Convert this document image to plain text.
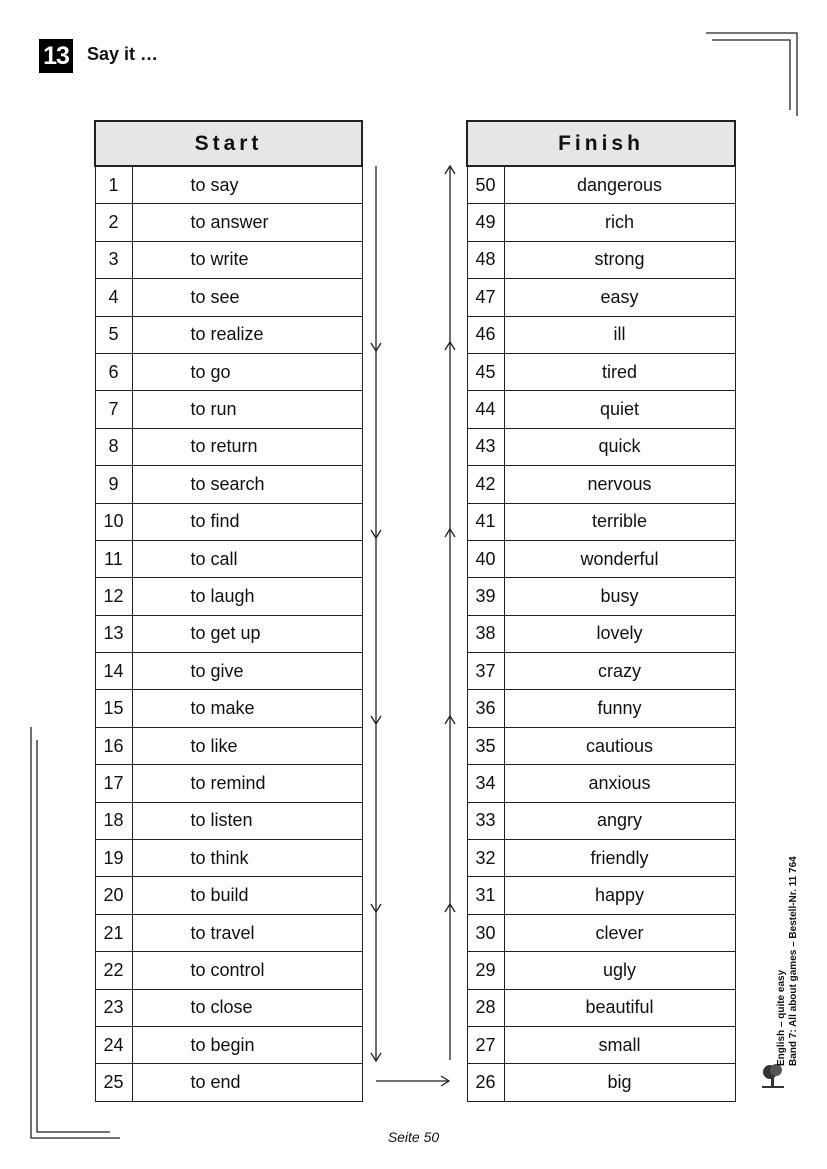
13 Say it …
Start	
1	to say
2	to answer
3	to write
4	to see
5	to realize
6	to go
7	to run
8	to return
9	to search
10	to find
11	to call
12	to laugh
13	to get up
14	to give
15	to make
16	to like
17	to remind
18	to listen
19	to think
20	to build
21	to travel
22	to control
23	to close
24	to begin
25	to end
Finish	
50	dangerous
49	rich
48	strong
47	easy
46	ill
45	tired
44	quiet
43	quick
42	nervous
41	terrible
40	wonderful
39	busy
38	lovely
37	crazy
36	funny
35	cautious
34	anxious
33	angry
32	friendly
31	happy
30	clever
29	ugly
28	beautiful
27	small
26	big
English – quite easy Band 7: All about games – Bestell-Nr. 11 764
Seite 50
